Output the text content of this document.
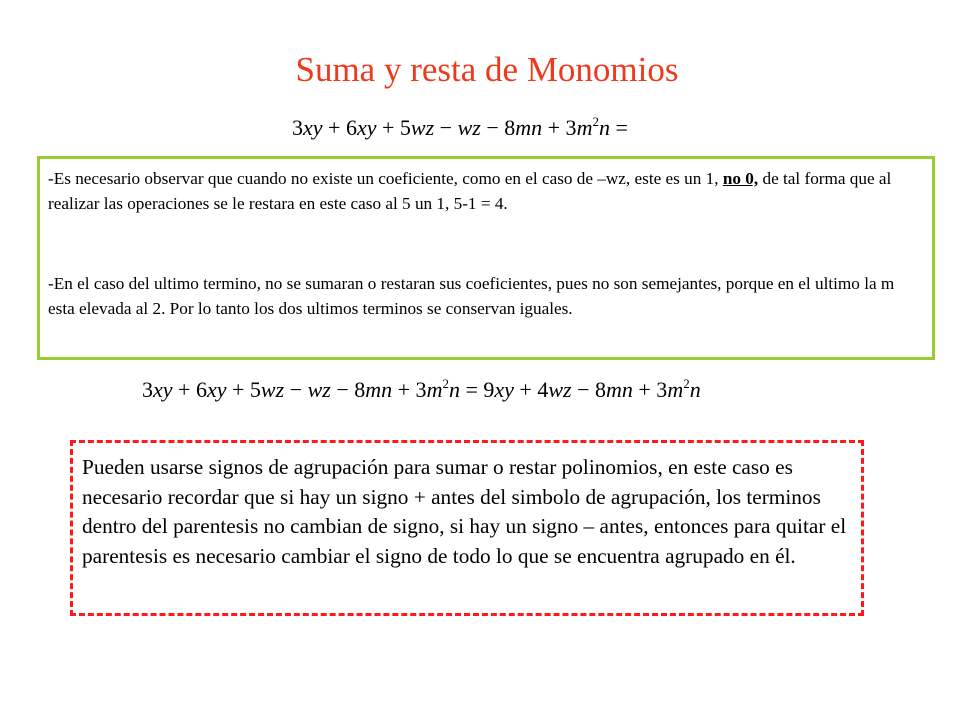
Suma y resta de Monomios
3xy + 6xy + 5wz − wz − $8mn + 3m^2n$ =

-Es necesario observar que cuando no existe un coeficiente, como en el caso de –wz, este es un 1, no 0, de tal forma que al realizar las operaciones se le restara en este caso al 5 un 1, 5-1 = 4.

-En el caso del ultimo termino, no se sumaran o restaran sus coeficientes, pues no son semejantes, porque en el ultimo la m esta elevada al 2. Por lo tanto los dos ultimos terminos se conservan iguales.

3xy + 6xy + 5wz − wz − $8mn + 3m^2n = 9xy + 4wz - 8mn + 3m^2n$

Pueden usarse signos de agrupación para sumar o restar polinomios, en este caso es necesario recordar que si hay un signo + antes del simbolo de agrupación, los terminos dentro del parentesis no cambian de signo, si hay un signo – antes, entonces para quitar el parentesis es necesario cambiar el signo de todo lo que se encuentra agrupado en él.
